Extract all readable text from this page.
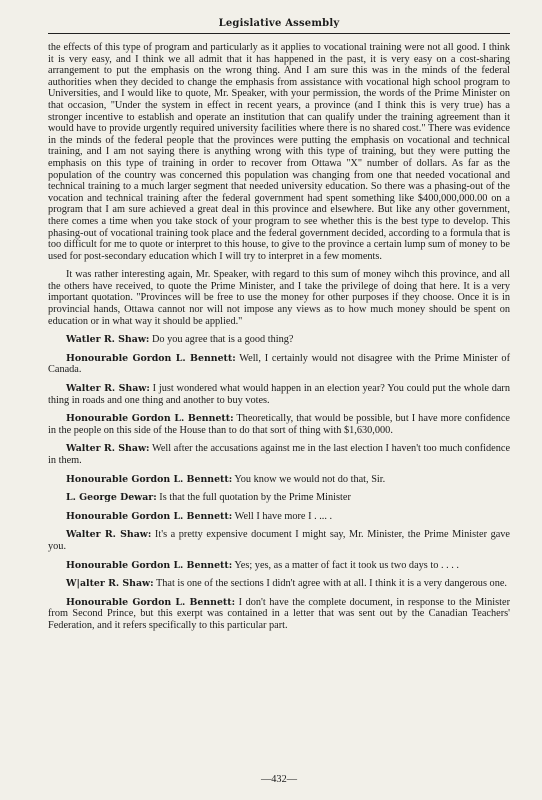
Legislative Assembly

the effects of this type of program and particularly as it applies to vocational training were not all good. I think it is very easy, and I think we all admit that it has happened in the past, it is very easy on a cost-sharing arrangement to put the emphasis on the wrong thing. And I am sure this was in the minds of the federal authorities when they decided to change the emphasis from assistance with vocational high school program to Universities, and I would like to quote, Mr. Speaker, with your permission, the words of the Prime Minister on that occasion, "Under the system in effect in recent years, a province (and I think this is very true) has a stronger incentive to establish and operate an institution that can qualify under the training agreement than it would have to provide urgently required university facilities where there is no shared cost." There was evidence in the minds of the federal people that the provinces were putting the emphasis on vocational and technical training, and I am not saying there is anything wrong with this type of training, but they were putting the emphasis on this type of training in order to recover from Ottawa "X" number of dollars. As far as the population of the country was concerned this population was changing from one that needed vocational and technical training to a much larger segment that needed university education. So there was a phasing-out of the vocation and technical training after the federal government had spent something like $400,000,000.00 on a program that I am sure achieved a great deal in this province and elsewhere. But like any other government, there comes a time when you take stock of your program to see whether this is the best type to develop. This phasing-out of vocational training took place and the federal government decided, according to a formula that is too difficult for me to quote or interpret to this house, to give to the province a certain lump sum of money to be used for post-secondary education which I will try to interpret in a few moments.

It was rather interesting again, Mr. Speaker, with regard to this sum of money wihch this province, and all the others have received, to quote the Prime Minister, and I take the privilege of doing that here. It is a very important quotation. "Provinces will be free to use the money for other purposes if they choose. Once it is in provincial hands, Ottawa cannot nor will not impose any views as to how much money should be spent on education or in what way it should be applied."

Watler R. Shaw: Do you agree that is a good thing?

Honourable Gordon L. Bennett: Well, I certainly would not disagree with the Prime Minister of Canada.

Walter R. Shaw: I just wondered what would happen in an election year? You could put the whole darn thing in roads and one thing and another to buy votes.

Honourable Gordon L. Bennett: Theoretically, that would be possible, but I have more confidence in the people on this side of the House than to do that sort of thing with $1,630,000.

Walter R. Shaw: Well after the accusations against me in the last election I haven't too much confidence in them.

Honourable Gordon L. Bennett: You know we would not do that, Sir.

L. George Dewar: Is that the full quotation by the Prime Minister

Honourable Gordon L. Bennett: Well I have more I . ... .

Walter R. Shaw: It's a pretty expensive document I might say, Mr. Minister, the Prime Minister gave you.

Honourable Gordon L. Bennett: Yes; yes, as a matter of fact it took us two days to . . . .

W|alter R. Shaw: That is one of the sections I didn't agree with at all. I think it is a very dangerous one.

Honourable Gordon L. Bennett: I don't have the complete document, in response to the Minister from Second Prince, but this exerpt was contained in a letter that was sent out by the Canadian Teachers' Federation, and it refers specifically to this particular part.

—432—
